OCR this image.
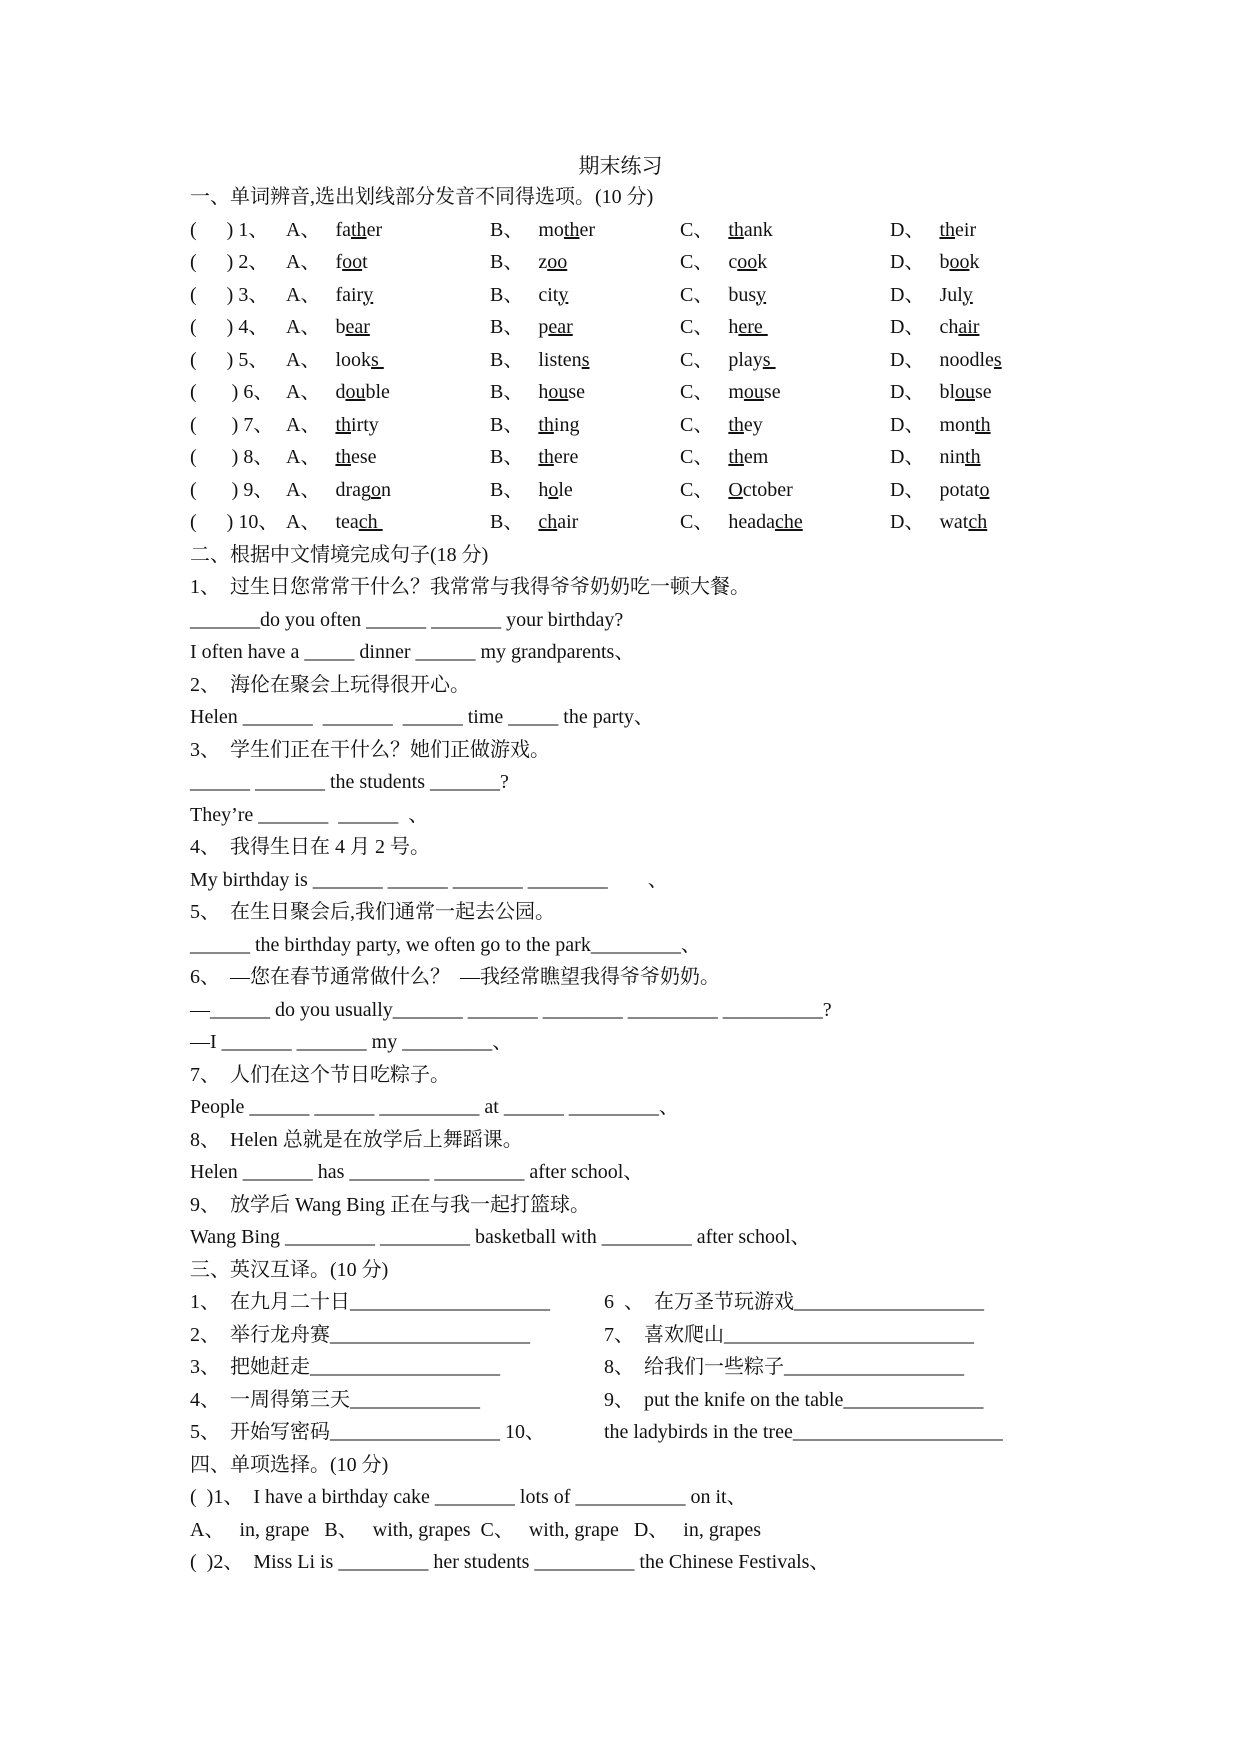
期末练习
一、单词辨音,选出划线部分发音不同得选项。(10 分)
(      ) 1、 A、   father	B、   mother	C、   thank	D、   their
(      ) 2、 A、   foot	B、   zoo	C、   cook	D、   book
(      ) 3、 A、   fairy	B、   city	C、   busy	D、   July
(      ) 4、 A、   bear	B、   pear	C、   here	D、   chair
(      ) 5、 A、   looks	B、   listens	C、   plays	D、   noodles
(       ) 6、 A、   double	B、   house	C、   mouse	D、   blouse
(       ) 7、 A、   thirty	B、   thing	C、   they	D、   month
(       ) 8、 A、   these	B、   there	C、   them	D、   ninth
(       ) 9、 A、   dragon	B、   hole	C、   October	D、   potato
(      ) 10、 A、   teach	B、   chair	C、   headache	D、   watch
二、根据中文情境完成句子(18 分)
1、  过生日您常常干什么？我常常与我得爷爷奶奶吃一顿大餐。
_______do you often ______ _______ your birthday?
I often have a _____ dinner ______ my grandparents、
2、  海伦在聚会上玩得很开心。
Helen _______  _______  ______ time _____ the party、
3、  学生们正在干什么？她们正做游戏。
______ _______ the students _______?
They’re _______  ______  、
4、  我得生日在 4 月 2 号。
My birthday is _______ ______ _______ ________        、
5、  在生日聚会后,我们通常一起去公园。
______ the birthday party, we often go to the park_________、
6、  —您在春节通常做什么？  —我经常瞧望我得爷爷奶奶。
—______ do you usually_______ _______ ________ _________ __________?
—I _______ _______ my _________、
7、  人们在这个节日吃粽子。
People ______ ______ __________ at ______ _________、
8、  Helen 总就是在放学后上舞蹈课。
Helen _______ has ________ _________ after school、
9、  放学后 Wang Bing 正在与我一起打篮球。
Wang Bing _________ _________ basketball with _________ after school、
三、英汉互译。(10 分)
1、  在九月二十日____________________	6  、  在万圣节玩游戏___________________
2、  举行龙舟赛____________________	7、  喜欢爬山_________________________
3、  把她赶走___________________	8、  给我们一些粽子__________________
4、  一周得第三天_____________	9、  put the knife on the table______________
5、  开始写密码_________________ 10、	the ladybirds in the tree_____________________
四、单项选择。(10 分)
(  )1、  I have a birthday cake ________ lots of ___________ on it、
A、   in, grape   B、   with, grapes  C、   with, grape   D、   in, grapes
(  )2、  Miss Li is _________ her students __________ the Chinese Festivals、
